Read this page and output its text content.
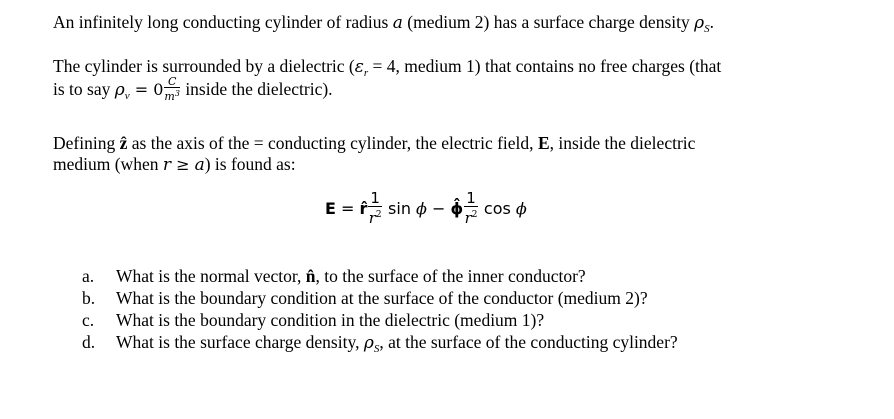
An infinitely long conducting cylinder of radius a (medium 2) has a surface charge density $\rho_S$.
The cylinder is surrounded by a dielectric ($\varepsilon_r = 4$, medium 1) that contains no free charges (that
is to say $\rho_v = 0 \frac{C}{m^3}$ inside the dielectric).
Defining ẑ as the axis of the = conducting cylinder, the electric field, E, inside the dielectric
medium (when r ≥ a) is found as:
E = r̂ $\frac{1}{r^2}$ sin ϕ − ϕ̂ $\frac{1}{r^2}$ cos ϕ
a. What is the normal vector, n̂, to the surface of the inner conductor?
b. What is the boundary condition at the surface of the conductor (medium 2)?
c. What is the boundary condition in the dielectric (medium 1)?
d. What is the surface charge density, $\rho_S$, at the surface of the conducting cylinder?
